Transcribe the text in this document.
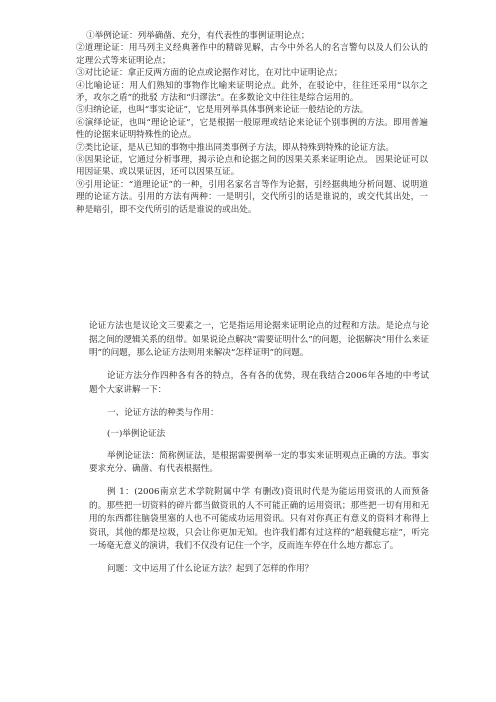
①举例论证：列举确凿、充分，有代表性的事例证明论点；

②道理论证：用马列主义经典著作中的精辟见解，古今中外名人的名言警句以及人们公认的定理公式等来证明论点；

③对比论证：拿正反两方面的论点或论据作对比，在对比中证明论点；

④比喻论证：用人们熟知的事物作比喻来证明论点。此外，在驳论中，往往还采用“以尔之矛，攻尔之盾”的批驳 方法和“归谬法”。在多数论文中往往是综合运用的。

⑤归纳论证，也叫“事实论证”，它是用列举具体事例来论证一般结论的方法。

⑥演绎论证，也叫“理论论证”，它是根据一般原理或结论来论证个别事例的方法。即用普遍性的论据来证明特殊性的论点。

⑦类比论证，是从已知的事物中推出同类事例子方法，即从特殊到特殊的论证方法。

⑧因果论证，它通过分析事理，揭示论点和论据之间的因果关系来证明论点。 因果论证可以用因证果、或以果证因，还可以因果互证。

⑨引用论证：“道理论证”的一种，引用名家名言等作为论据，引经据典地分析问题、说明道理的论证方法。引用的方法有两种：一是明引，交代所引的话是谁说的，或交代其出处，一种是暗引，即不交代所引的话是谁说的或出处。

论证方法也是议论文三要素之一，它是指运用论据来证明论点的过程和方法。是论点与论据之间的逻辑关系的纽带。如果说论点解决“需要证明什么”的问题，论据解决“用什么来证明”的问题，那么论证方法则用来解决“怎样证明”的问题。

论证方法分作四种各有各的特点，各有各的优势，现在我结合2006年各地的中考试题个大家讲解一下：

一、论证方法的种类与作用：

(一)举例论证法

举例论证法：简称例证法，是根据需要例举一定的事实来证明观点正确的方法。事实要求充分、确凿、有代表根据性。

例 1：(2006南京艺术学院附属中学 有删改)资讯时代是为能运用资讯的人而预备的。那些把一切资料的碎片都当做资讯的人不可能正确的运用资讯；那些把一切有用和无用的东西都往脑袋里塞的人也不可能成功运用资讯。只有对你真正有意义的资料才称得上资讯，其他的都是垃圾，只会让你更加无知。也许我们都有过这样的“超载健忘症”，听完一场毫无意义的演讲，我们不仅没有记住一个字，反而连车停在什么地方都忘了。

问题：文中运用了什么论证方法？起到了怎样的作用？
